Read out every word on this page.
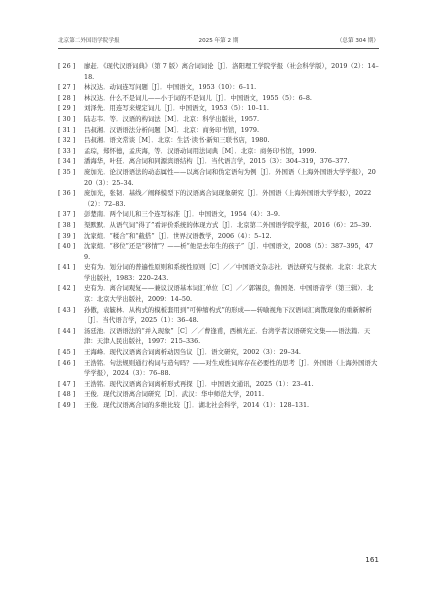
北京第二外国语学院学报	2025 年第 2 期	（总第 304 期）
[ 26 ]	廖赶．《现代汉语词典》（第 7 版）离合词词论［J］．洛阳理工学院学报（社会科学版），2019（2）：14–18.
[ 27 ]	林汉达．动词连写问题［J］．中国语文，1953（10）：6–11.
[ 28 ]	林汉达．什么不是词儿——小于词的不是词儿［J］．中国语文，1955（5）：6–8.
[ 29 ]	刘泽先．用连写来规定词儿［J］．中国语文，1953（5）：10–11.
[ 30 ]	陆志韦．等．汉语的构词法［M］．北京：科学出版社，1957.
[ 31 ]	吕叔湘．汉语语法分析问题［M］．北京：商务印书馆，1979.
[ 32 ]	吕叔湘．语文常谈［M］．北京：生活·读书·新知三联书店，1980.
[ 33 ]	孟琮，郑怀德，孟庆海，等．汉语动词用法词典［M］．北京：商务印书馆，1999.
[ 34 ]	潘海华，叶狂．离合词和同源宾语结构［J］．当代语言学，2015（3）：304–319，376–377.
[ 35 ]	庞加光．论汉语语法的动态属性——以离合词和伪定语句为例［J］．外国语（上海外国语大学学报），2020（3）：25–34.
[ 36 ]	庞加光，张韧．基线／阐释模型下的汉语离合词现象研究［J］．外国语（上海外国语大学学报），2022（2）：72–83.
[ 37 ]	彭楚南．两个词儿和三个连写标准［J］．中国语文，1954（4）：3–9.
[ 38 ]	渠默默．从语气词“得了”看评价系统的体现方式［J］．北京第二外国语学院学报，2016（6）：25–39.
[ 39 ]	沈家煊．“糅合”和“截搭”［J］．世界汉语教学，2006（4）：5–12.
[ 40 ]	沈家煊．“移位”还是“移情”？——析“他是去年生的孩子”［J］．中国语文，2008（5）：387–395，479.
[ 41 ]	史有为．划分词的普遍性原则和系统性原则［C］／／中国语文杂志社．语法研究与探索．北京：北京大学出版社，1983：220–243.
[ 42 ]	史有为．离合词观复——兼议汉语基本词汇单位［C］／／郭锡良，鲁国尧．中国语音学（第三辑）．北京：北京大学出版社，2009：14–50.
[ 43 ]	孙傲，袁毓林．从构式的模板套用到“可伸缩构式”的形成——转喻视角下汉语词汇离散现象的重新解析［J］．当代语言学，2025（1）：36–48.
[ 44 ]	汤廷池．汉语语法的“并入现象”［C］／／曹逢甫，西槙光正．台湾学者汉语研究文集——语法篇．天津：天津人民出版社，1997：215–336.
[ 45 ]	王海峰．现代汉语离合词离析动因刍议［J］．语文研究，2002（3）：29–34.
[ 46 ]	王浩铭．句法规则通行构词与造句吗？——对生成性词库存在必要性的思考［J］．外国语（上海外国语大学学报），2024（3）：76–88.
[ 47 ]	王浩铭．现代汉语离合词离析形式再探［J］．中国语文通讯，2025（1）：23–41.
[ 48 ]	王俊．现代汉语离合词研究［D］．武汉：华中师范大学，2011.
[ 49 ]	王俊．现代汉语离合词的多维比较［J］．湖北社会科学，2014（1）：128–131.
161
